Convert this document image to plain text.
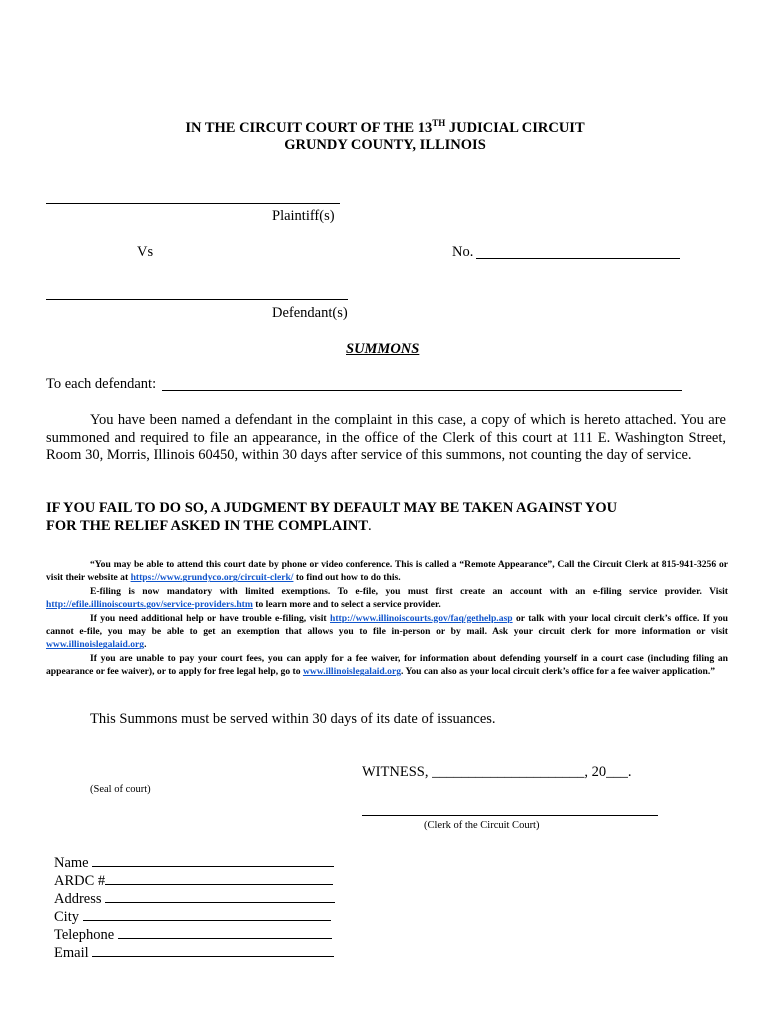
IN THE CIRCUIT COURT OF THE 13TH JUDICIAL CIRCUIT
GRUNDY COUNTY, ILLINOIS
Plaintiff(s)
Vs	No.
Defendant(s)
SUMMONS
To each defendant:
You have been named a defendant in the complaint in this case, a copy of which is hereto attached. You are summoned and required to file an appearance, in the office of the Clerk of this court at 111 E. Washington Street, Room 30, Morris, Illinois 60450, within 30 days after service of this summons, not counting the day of service.
IF YOU FAIL TO DO SO, A JUDGMENT BY DEFAULT MAY BE TAKEN AGAINST YOU
FOR THE RELIEF ASKED IN THE COMPLAINT.

“You may be able to attend this court date by phone or video conference. This is called a “Remote Appearance”, Call the Circuit Clerk at 815-941-3256 or visit their website at https://www.grundyco.org/circuit-clerk/ to find out how to do this.

E-filing is now mandatory with limited exemptions. To e-file, you must first create an account with an e-filing service provider. Visit http://efile.illinoiscourts.gov/service-providers.htm to learn more and to select a service provider.

If you need additional help or have trouble e-filing, visit http://www.illinoiscourts.gov/faq/gethelp.asp or talk with your local circuit clerk’s office. If you cannot e-file, you may be able to get an exemption that allows you to file in-person or by mail. Ask your circuit clerk for more information or visit www.illinoislegalaid.org.

If you are unable to pay your court fees, you can apply for a fee waiver, for information about defending yourself in a court case (including filing an appearance or fee waiver), or to apply for free legal help, go to www.illinoislegalaid.org. You can also as your local circuit clerk’s office for a fee waiver application.”

This Summons must be served within 30 days of its date of issuances.
WITNESS, _____________________, 20___.
(Seal of court)
(Clerk of the Circuit Court)
Name
ARDC #
Address
City
Telephone
Email
